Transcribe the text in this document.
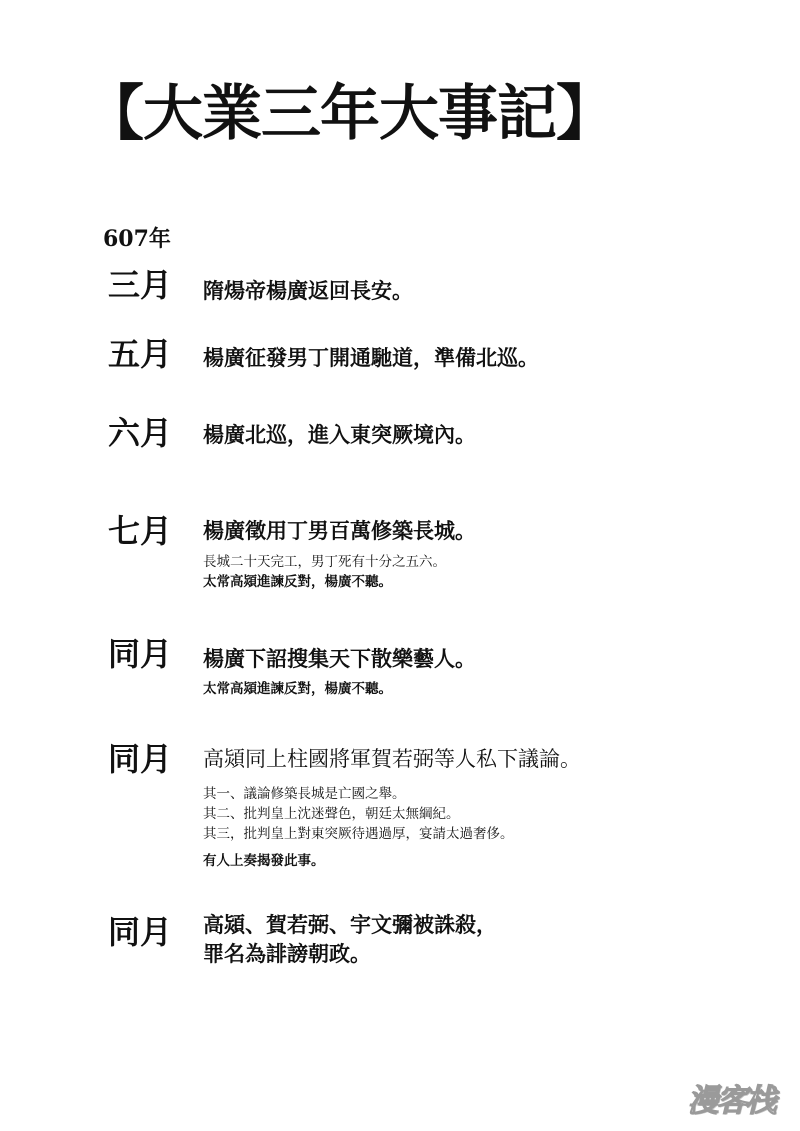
【大業三年大事記】
607年
三月 隋煬帝楊廣返回長安。
五月 楊廣征發男丁開通馳道，準備北巡。
六月 楊廣北巡，進入東突厥境內。
七月 楊廣徵用丁男百萬修築長城。
長城二十天完工，男丁死有十分之五六。
太常高熲進諫反對，楊廣不聽。
同月 楊廣下詔搜集天下散樂藝人。
太常高熲進諫反對，楊廣不聽。
同月 高熲同上柱國將軍賀若弼等人私下議論。
其一、議論修築長城是亡國之舉。
其二、批判皇上沈迷聲色，朝廷太無綱紀。
其三，批判皇上對東突厥待遇過厚，宴請太過奢侈。
有人上奏揭發此事。
同月 高熲、賀若弼、宇文彌被誅殺，
罪名為誹謗朝政。
漫客栈
